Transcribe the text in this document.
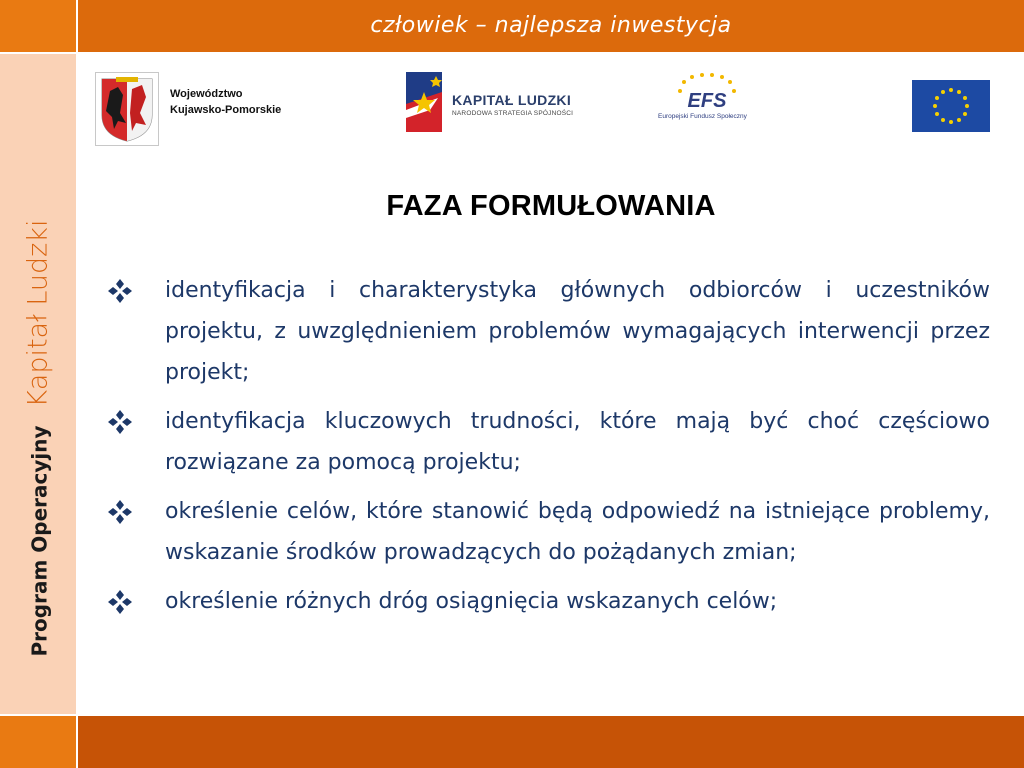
człowiek – najlepsza inwestycja
Program OperacyjnyKapitał Ludzki
Województwo
Kujawsko-Pomorskie
KAPITAŁ LUDZKI
NARODOWA STRATEGIA SPÓJNOŚCI
EFS
Europejski Fundusz Społeczny
FAZA FORMUŁOWANIA
identyfikacja i charakterystyka głównych odbiorców i uczestników projektu, z uwzględnieniem problemów wymagających interwencji przez projekt;
identyfikacja kluczowych trudności, które mają być choć częściowo rozwiązane za pomocą projektu;
określenie celów, które stanowić będą odpowiedź na istniejące problemy, wskazanie środków prowadzących do pożądanych zmian;
określenie różnych dróg osiągnięcia wskazanych celów;
